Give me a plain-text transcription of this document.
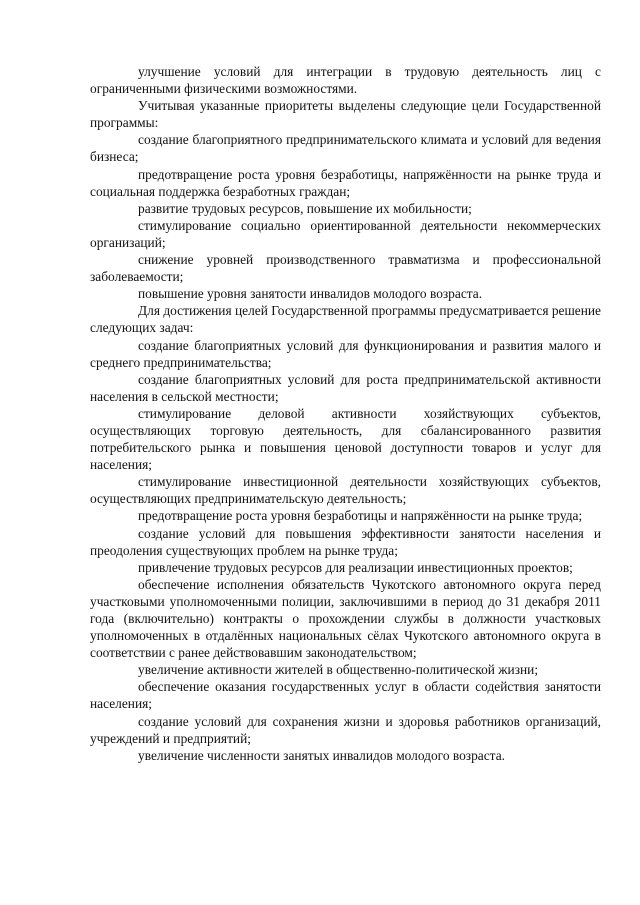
улучшение условий для интеграции в трудовую деятельность лиц с ограниченными физическими возможностями.

Учитывая указанные приоритеты выделены следующие цели Государственной программы:

создание благоприятного предпринимательского климата и условий для ведения бизнеса;

предотвращение роста уровня безработицы, напряжённости на рынке труда и социальная поддержка безработных граждан;

развитие трудовых ресурсов, повышение их мобильности;

стимулирование социально ориентированной деятельности некоммерческих организаций;

снижение уровней производственного травматизма и профессиональной заболеваемости;

повышение уровня занятости инвалидов молодого возраста.

Для достижения целей Государственной программы предусматривается решение следующих задач:

создание благоприятных условий для функционирования и развития малого и среднего предпринимательства;

создание благоприятных условий для роста предпринимательской активности населения в сельской местности;

стимулирование деловой активности хозяйствующих субъектов, осуществляющих торговую деятельность, для сбалансированного развития потребительского рынка и повышения ценовой доступности товаров и услуг для населения;

стимулирование инвестиционной деятельности хозяйствующих субъектов, осуществляющих предпринимательскую деятельность;

предотвращение роста уровня безработицы и напряжённости на рынке труда;

создание условий для повышения эффективности занятости населения и преодоления существующих проблем на рынке труда;

привлечение трудовых ресурсов для реализации инвестиционных проектов;

обеспечение исполнения обязательств Чукотского автономного округа перед участковыми уполномоченными полиции, заключившими в период до 31 декабря 2011 года (включительно) контракты о прохождении службы в должности участковых уполномоченных в отдалённых национальных сёлах Чукотского автономного округа в соответствии с ранее действовавшим законодательством;

увеличение активности жителей в общественно-политической жизни;

обеспечение оказания государственных услуг в области содействия занятости населения;

создание условий для сохранения жизни и здоровья работников организаций, учреждений и предприятий;

увеличение численности занятых инвалидов молодого возраста.
